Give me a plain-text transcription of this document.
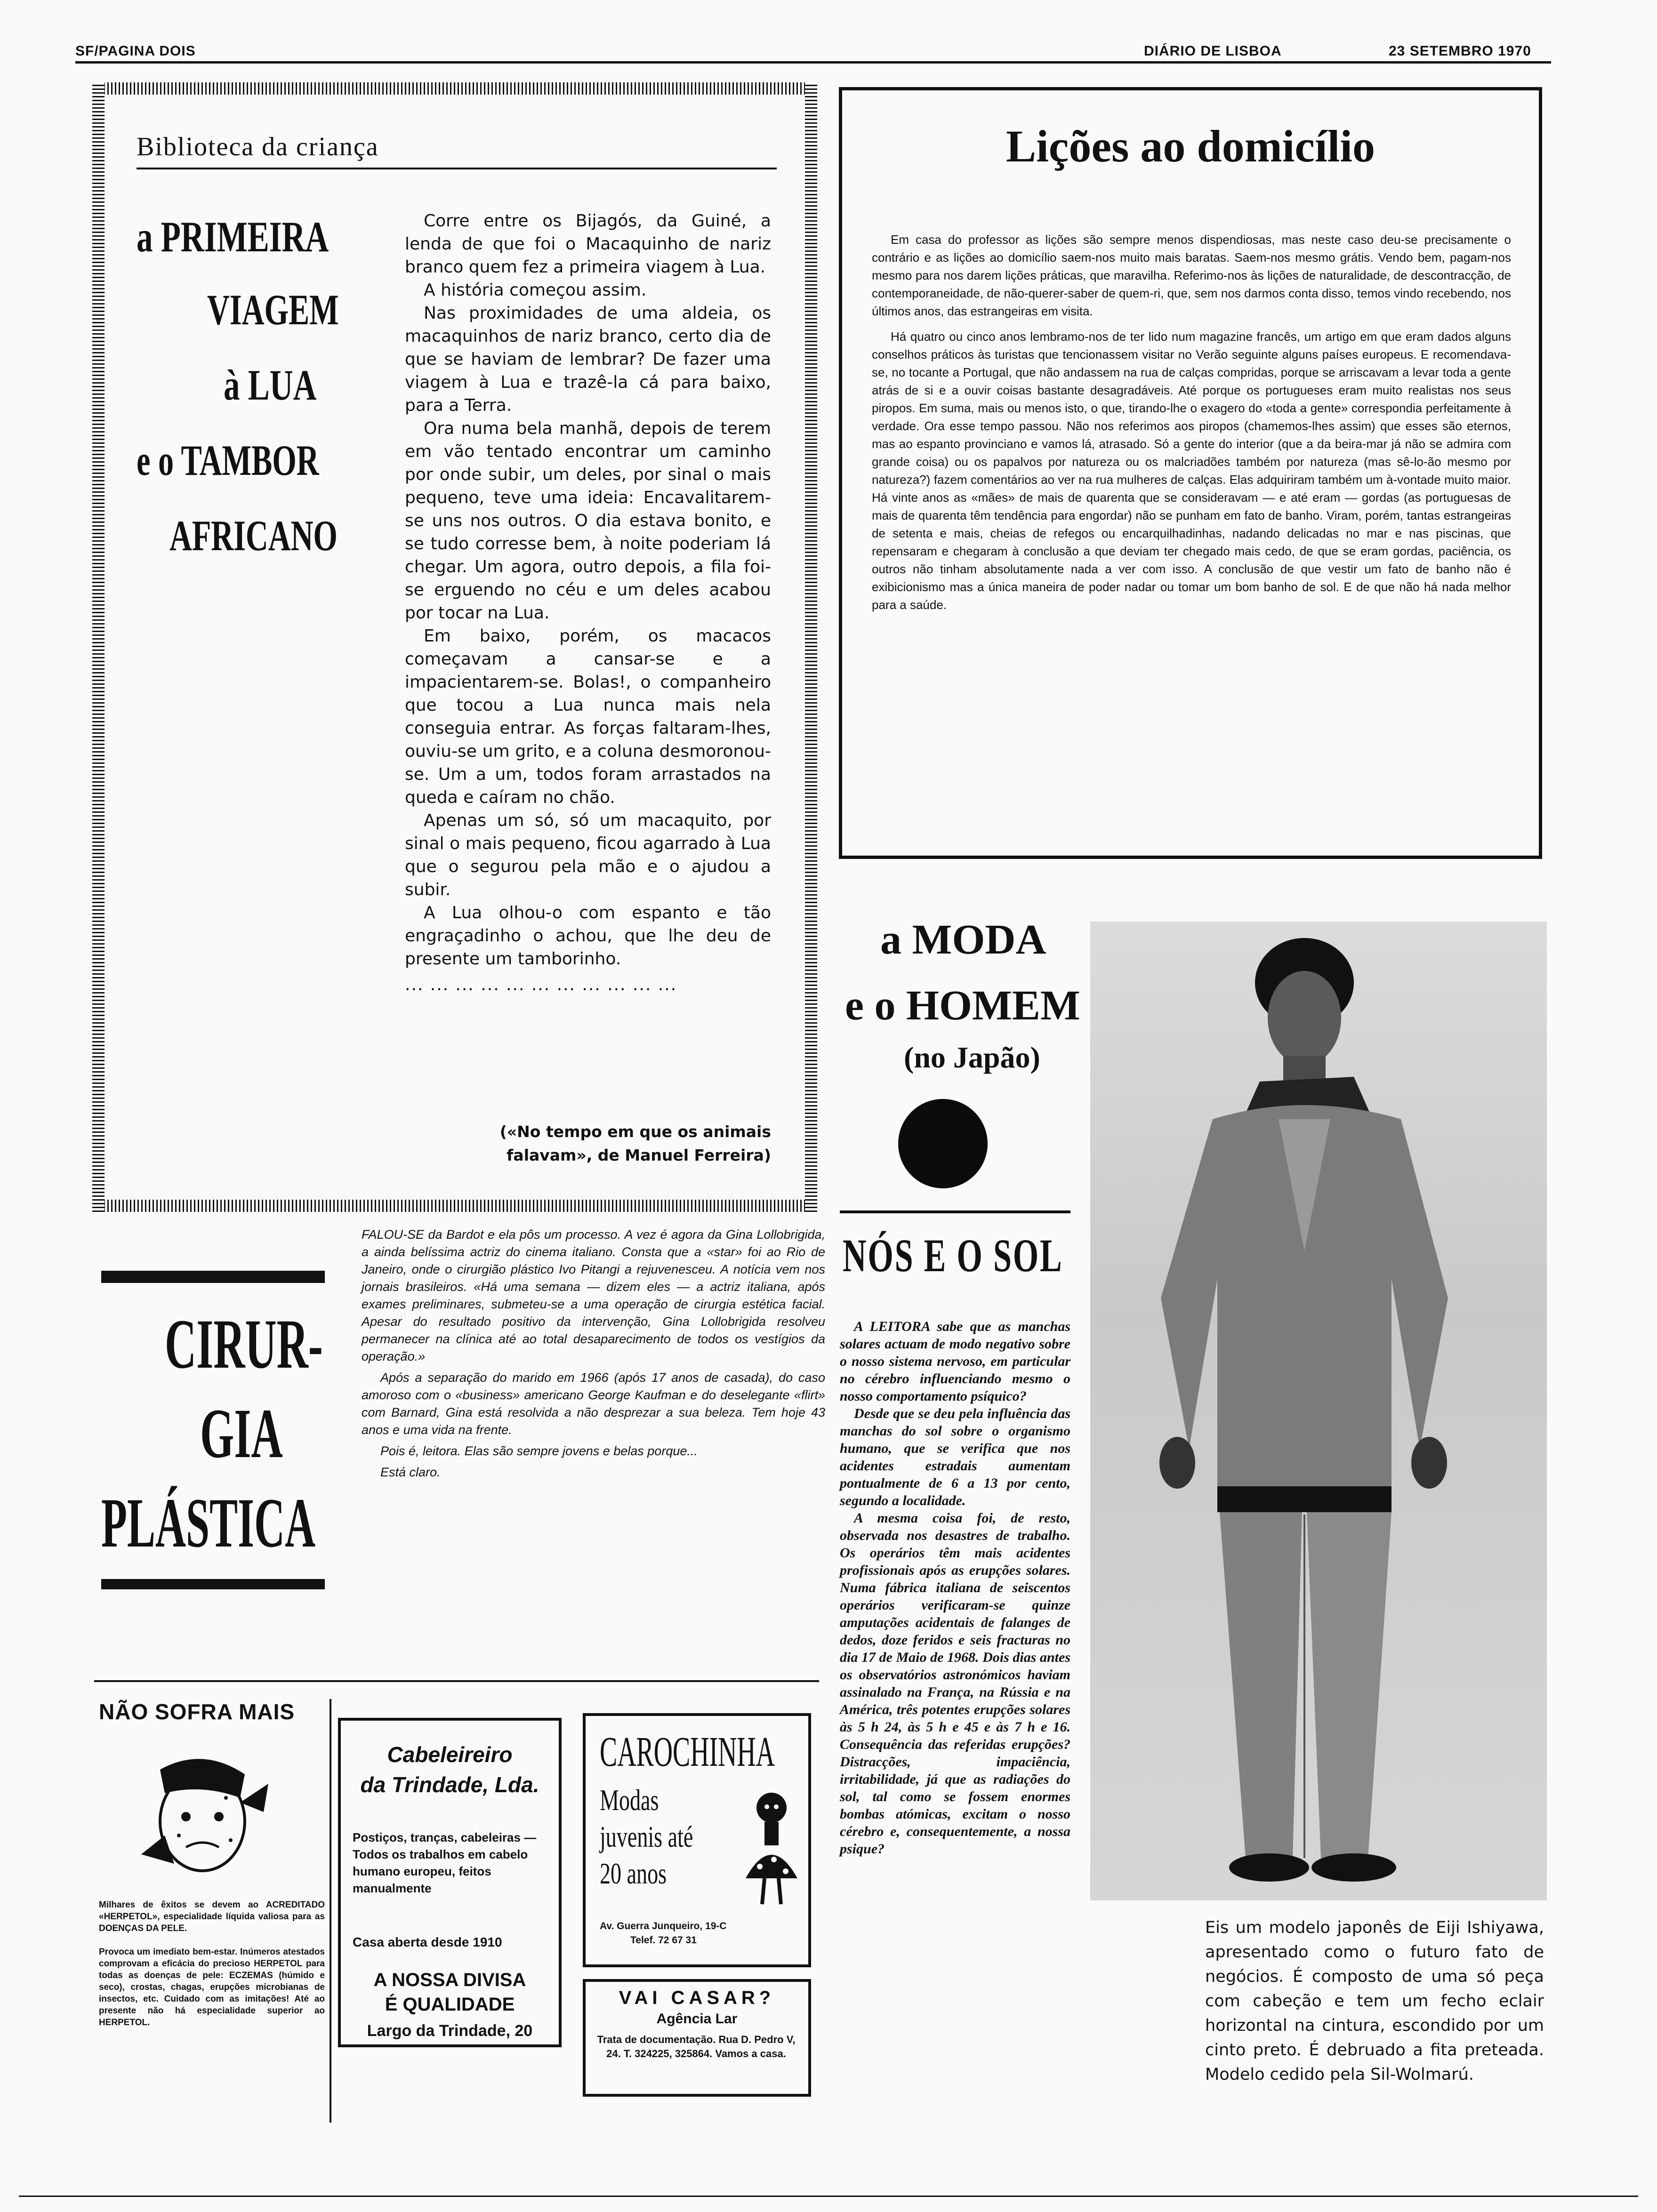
SF/PAGINA DOIS	DIÁRIO DE LISBOA	23 SETEMBRO 1970
Biblioteca da criança
a PRIMEIRA
VIAGEM
à LUA
e o TAMBOR
AFRICANO

Corre entre os Bijagós, da Guiné, a lenda de que foi o Macaquinho de nariz branco quem fez a primeira viagem à Lua.

A história começou assim.

Nas proximidades de uma aldeia, os macaquinhos de nariz branco, certo dia de que se haviam de lembrar? De fazer uma viagem à Lua e trazê-la cá para baixo, para a Terra.

Ora numa bela manhã, depois de terem em vão tentado encontrar um caminho por onde subir, um deles, por sinal o mais pequeno, teve uma ideia: Encavalitarem-se uns nos outros. O dia estava bonito, e se tudo corresse bem, à noite poderiam lá chegar. Um agora, outro depois, a fila foi-se erguendo no céu e um deles acabou por tocar na Lua.

Em baixo, porém, os macacos começavam a cansar-se e a impacientarem-se. Bolas!, o companheiro que tocou a Lua nunca mais nela conseguia entrar. As forças faltaram-lhes, ouviu-se um grito, e a coluna desmoronou-se. Um a um, todos foram arrastados na queda e caíram no chão.

Apenas um só, só um macaquito, por sinal o mais pequeno, ficou agarrado à Lua que o segurou pela mão e o ajudou a subir.

A Lua olhou-o com espanto e tão engraçadinho o achou, que lhe deu de presente um tamborinho.

... ... ... ... ... ... ... ... ... ... ...
(«No tempo em que os animais
falavam», de Manuel Ferreira)
Lições ao domicílio

Em casa do professor as lições são sempre menos dispendiosas, mas neste caso deu-se precisamente o contrário e as lições ao domicílio saem-nos muito mais baratas. Saem-nos mesmo grátis. Vendo bem, pagam-nos mesmo para nos darem lições práticas, que maravilha. Referimo-nos às lições de naturalidade, de descontracção, de contemporaneidade, de não-querer-saber de quem-ri, que, sem nos darmos conta disso, temos vindo recebendo, nos últimos anos, das estrangeiras em visita.

Há quatro ou cinco anos lembramo-nos de ter lido num magazine francês, um artigo em que eram dados alguns conselhos práticos às turistas que tencionassem visitar no Verão seguinte alguns países europeus. E recomendava-se, no tocante a Portugal, que não andassem na rua de calças compridas, porque se arriscavam a levar toda a gente atrás de si e a ouvir coisas bastante desagradáveis. Até porque os portugueses eram muito realistas nos seus piropos. Em suma, mais ou menos isto, o que, tirando-lhe o exagero do «toda a gente» correspondia perfeitamente à verdade. Ora esse tempo passou. Não nos referimos aos piropos (chamemos-lhes assim) que esses são eternos, mas ao espanto provinciano e vamos lá, atrasado. Só a gente do interior (que a da beira-mar já não se admira com grande coisa) ou os papalvos por natureza ou os malcriadões também por natureza (mas sê-lo-ão mesmo por natureza?) fazem comentários ao ver na rua mulheres de calças. Elas adquiriram também um à-vontade muito maior. Há vinte anos as «mães» de mais de quarenta que se consideravam — e até eram — gordas (as portuguesas de mais de quarenta têm tendência para engordar) não se punham em fato de banho. Viram, porém, tantas estrangeiras de setenta e mais, cheias de refegos ou encarquilhadinhas, nadando delicadas no mar e nas piscinas, que repensaram e chegaram à conclusão a que deviam ter chegado mais cedo, de que se eram gordas, paciência, os outros não tinham absolutamente nada a ver com isso. A conclusão de que vestir um fato de banho não é exibicionismo mas a única maneira de poder nadar ou tomar um bom banho de sol. E de que não há nada melhor para a saúde.

a MODA
e o HOMEM
(no Japão)
Eis um modelo japonês de Eiji Ishiyawa, apresentado como o futuro fato de negócios. É composto de uma só peça com cabeção e tem um fecho eclair horizontal na cintura, escondido por um cinto preto. É debruado a fita preteada. Modelo cedido pela Sil-Wolmarú.
NÓS E O SOL

A LEITORA sabe que as manchas solares actuam de modo negativo sobre o nosso sistema nervoso, em particular no cérebro influenciando mesmo o nosso comportamento psíquico?

Desde que se deu pela influência das manchas do sol sobre o organismo humano, que se verifica que nos acidentes estradais aumentam pontualmente de 6 a 13 por cento, segundo a localidade.

A mesma coisa foi, de resto, observada nos desastres de trabalho. Os operários têm mais acidentes profissionais após as erupções solares. Numa fábrica italiana de seiscentos operários verificaram-se quinze amputações acidentais de falanges de dedos, doze feridos e seis fracturas no dia 17 de Maio de 1968. Dois dias antes os observatórios astronómicos haviam assinalado na França, na Rússia e na América, três potentes erupções solares às 5 h 24, às 5 h e 45 e às 7 h e 16. Consequência das referidas erupções? Distracções, impaciência, irritabilidade, já que as radiações do sol, tal como se fossem enormes bombas atómicas, excitam o nosso cérebro e, consequentemente, a nossa psique?

CIRUR-
GIA
PLÁSTICA

FALOU-SE da Bardot e ela pôs um processo. A vez é agora da Gina Lollobrigida, a ainda belíssima actriz do cinema italiano. Consta que a «star» foi ao Rio de Janeiro, onde o cirurgião plástico Ivo Pitangi a rejuvenesceu. A notícia vem nos jornais brasileiros. «Há uma semana — dizem eles — a actriz italiana, após exames preliminares, submeteu-se a uma operação de cirurgia estética facial. Apesar do resultado positivo da intervenção, Gina Lollobrigida resolveu permanecer na clínica até ao total desaparecimento de todos os vestígios da operação.»

Após a separação do marido em 1966 (após 17 anos de casada), do caso amoroso com o «business» americano George Kaufman e do deselegante «flirt» com Barnard, Gina está resolvida a não desprezar a sua beleza. Tem hoje 43 anos e uma vida na frente.

Pois é, leitora. Elas são sempre jovens e belas porque...

Está claro.

NÃO SOFRA MAIS
Milhares de êxitos se devem ao ACREDITADO «HERPETOL», especialidade líquida valiosa para as DOENÇAS DA PELE.
Provoca um imediato bem-estar. Inúmeros atestados comprovam a eficácia do precioso HERPETOL para todas as doenças de pele: ECZEMAS (húmido e seco), crostas, chagas, erupções microbianas de insectos, etc. Cuidado com as imitações! Até ao presente não há especialidade superior ao HERPETOL.
Cabeleireiro
da Trindade, Lda.
Postiços, tranças, cabeleiras — Todos os trabalhos em cabelo humano europeu, feitos manualmente
Casa aberta desde 1910
A NOSSA DIVISA
É QUALIDADE
Largo da Trindade, 20
CAROCHINHA
Modas
juvenis até
20 anos
Av. Guerra Junqueiro, 19-C
Telef. 72 67 31
VAI CASAR?
Agência Lar
Trata de documentação. Rua D. Pedro V, 24. T. 324225, 325864. Vamos a casa.
